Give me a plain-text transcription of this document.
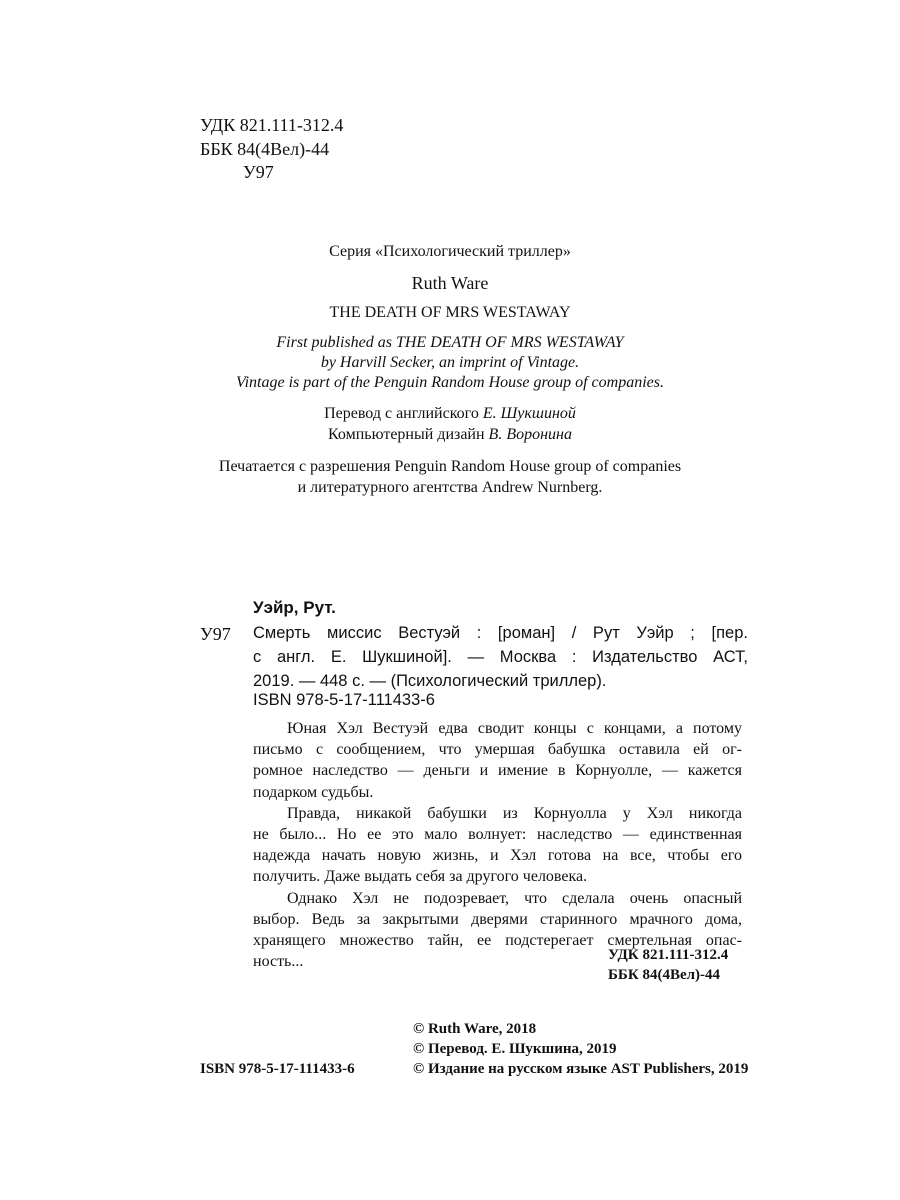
УДК 821.111-312.4
ББК 84(4Вел)-44
У97
Серия «Психологический триллер»
Ruth Ware
THE DEATH OF MRS WESTAWAY
First published as THE DEATH OF MRS WESTAWAY
by Harvill Secker, an imprint of Vintage.
Vintage is part of the Penguin Random House group of companies.
Перевод с английского Е. Шукшиной
Компьютерный дизайн В. Воронина
Печатается с разрешения Penguin Random House group of companies
и литературного агентства Andrew Nurnberg.
Уэйр, Рут.
У97 Смерть миссис Вестуэй : [роман] / Рут Уэйр ; [пер.
с англ. Е. Шукшиной]. — Москва : Издательство АСТ,
2019. — 448 с. — (Психологический триллер).
ISBN 978-5-17-111433-6
Юная Хэл Вестуэй едва сводит концы с концами, а потому
письмо с сообщением, что умершая бабушка оставила ей ог-
ромное наследство — деньги и имение в Корнуолле, — кажется
подарком судьбы.
Правда, никакой бабушки из Корнуолла у Хэл никогда
не было... Но ее это мало волнует: наследство — единственная
надежда начать новую жизнь, и Хэл готова на все, чтобы его
получить. Даже выдать себя за другого человека.
Однако Хэл не подозревает, что сделала очень опасный
выбор. Ведь за закрытыми дверями старинного мрачного дома,
хранящего множество тайн, ее подстерегает смертельная опас-
ность...	УДК 821.111-312.4
ББК 84(4Вел)-44
ISBN 978-5-17-111433-6
© Ruth Ware, 2018
© Перевод. Е. Шукшина, 2019
© Издание на русском языке AST Publishers, 2019
